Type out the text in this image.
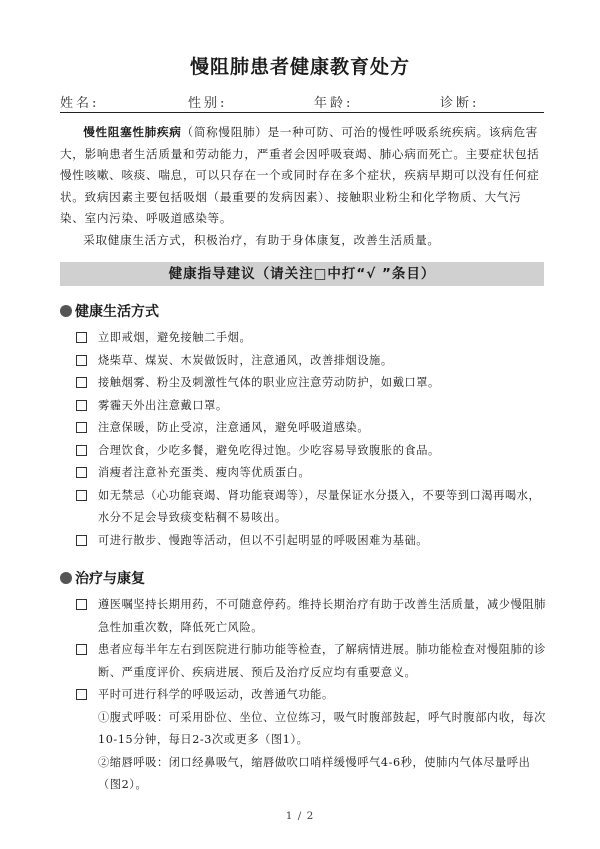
慢阻肺患者健康教育处方
姓名:	性别:	年龄:	诊断:

慢性阻塞性肺疾病（简称慢阻肺）是一种可防、可治的慢性呼吸系统疾病。该病危害大，影响患者生活质量和劳动能力，严重者会因呼吸衰竭、肺心病而死亡。主要症状包括慢性咳嗽、咳痰、喘息，可以只存在一个或同时存在多个症状，疾病早期可以没有任何症状。致病因素主要包括吸烟（最重要的发病因素）、接触职业粉尘和化学物质、大气污染、室内污染、呼吸道感染等。

采取健康生活方式，积极治疗，有助于身体康复，改善生活质量。

健康指导建议（请关注□中打“√ ”条目）
健康生活方式
立即戒烟，避免接触二手烟。
烧柴草、煤炭、木炭做饭时，注意通风，改善排烟设施。
接触烟雾、粉尘及刺激性气体的职业应注意劳动防护，如戴口罩。
雾霾天外出注意戴口罩。
注意保暖，防止受凉，注意通风，避免呼吸道感染。
合理饮食，少吃多餐，避免吃得过饱。少吃容易导致腹胀的食品。
消瘦者注意补充蛋类、瘦肉等优质蛋白。
如无禁忌（心功能衰竭、肾功能衰竭等），尽量保证水分摄入，不要等到口渴再喝水，水分不足会导致痰变粘稠不易咳出。
可进行散步、慢跑等活动，但以不引起明显的呼吸困难为基础。
治疗与康复
遵医嘱坚持长期用药，不可随意停药。维持长期治疗有助于改善生活质量，减少慢阻肺急性加重次数，降低死亡风险。
患者应每半年左右到医院进行肺功能等检查，了解病情进展。肺功能检查对慢阻肺的诊断、严重度评价、疾病进展、预后及治疗反应均有重要意义。
平时可进行科学的呼吸运动，改善通气功能。
①腹式呼吸：可采用卧位、坐位、立位练习，吸气时腹部鼓起，呼气时腹部内收，每次10-15分钟，每日2-3次或更多（图1）。
②缩唇呼吸：闭口经鼻吸气，缩唇做吹口哨样缓慢呼气4-6秒，使肺内气体尽量呼出（图2）。
1 / 2
